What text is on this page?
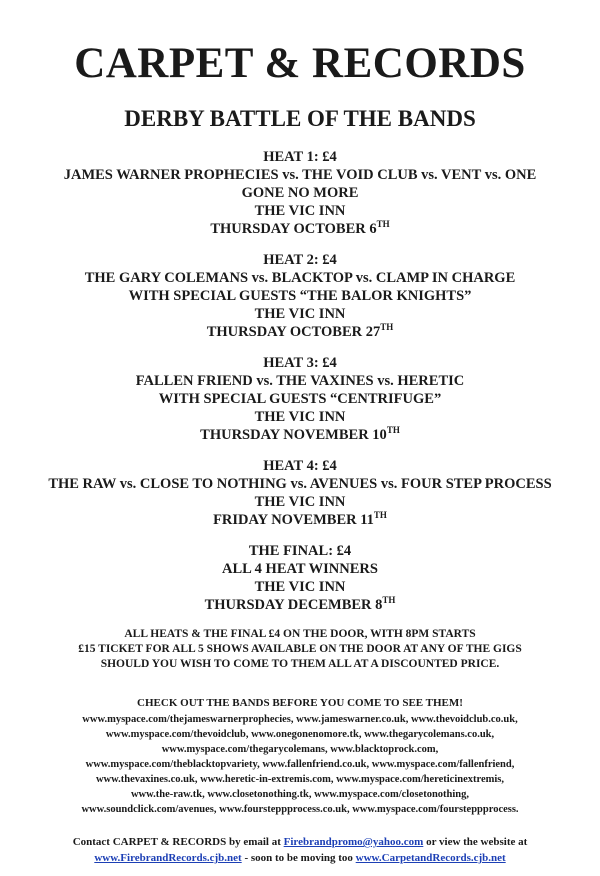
CARPET & RECORDS
DERBY BATTLE OF THE BANDS
HEAT 1: £4
JAMES WARNER PROPHECIES vs. THE VOID CLUB vs. VENT vs. ONE
GONE NO MORE
THE VIC INN
THURSDAY OCTOBER 6TH
HEAT 2: £4
THE GARY COLEMANS vs. BLACKTOP vs. CLAMP IN CHARGE
WITH SPECIAL GUESTS “THE BALOR KNIGHTS”
THE VIC INN
THURSDAY OCTOBER 27TH
HEAT 3: £4
FALLEN FRIEND vs. THE VAXINES vs. HERETIC
WITH SPECIAL GUESTS “CENTRIFUGE”
THE VIC INN
THURSDAY NOVEMBER 10TH
HEAT 4: £4
THE RAW vs. CLOSE TO NOTHING vs. AVENUES vs. FOUR STEP PROCESS
THE VIC INN
FRIDAY NOVEMBER 11TH
THE FINAL: £4
ALL 4 HEAT WINNERS
THE VIC INN
THURSDAY DECEMBER 8TH
ALL HEATS & THE FINAL £4 ON THE DOOR, WITH 8PM STARTS
£15 TICKET FOR ALL 5 SHOWS AVAILABLE ON THE DOOR AT ANY OF THE GIGS
SHOULD YOU WISH TO COME TO THEM ALL AT A DISCOUNTED PRICE.
CHECK OUT THE BANDS BEFORE YOU COME TO SEE THEM!
www.myspace.com/thejameswarnerprophecies, www.jameswarner.co.uk, www.thevoidclub.co.uk,
www.myspace.com/thevoidclub, www.onegonenomore.tk, www.thegarycolemans.co.uk,
www.myspace.com/thegarycolemans, www.blacktoprock.com,
www.myspace.com/theblacktopvariety, www.fallenfriend.co.uk, www.myspace.com/fallenfriend,
www.thevaxines.co.uk, www.heretic-in-extremis.com, www.myspace.com/hereticinextremis,
www.the-raw.tk, www.closetonothing.tk, www.myspace.com/closetonothing,
www.soundclick.com/avenues, www.foursteppprocess.co.uk, www.myspace.com/foursteppprocess.
Contact CARPET & RECORDS by email at Firebrandpromo@yahoo.com or view the website at
www.FirebrandRecords.cjb.net - soon to be moving too www.CarpetandRecords.cjb.net
